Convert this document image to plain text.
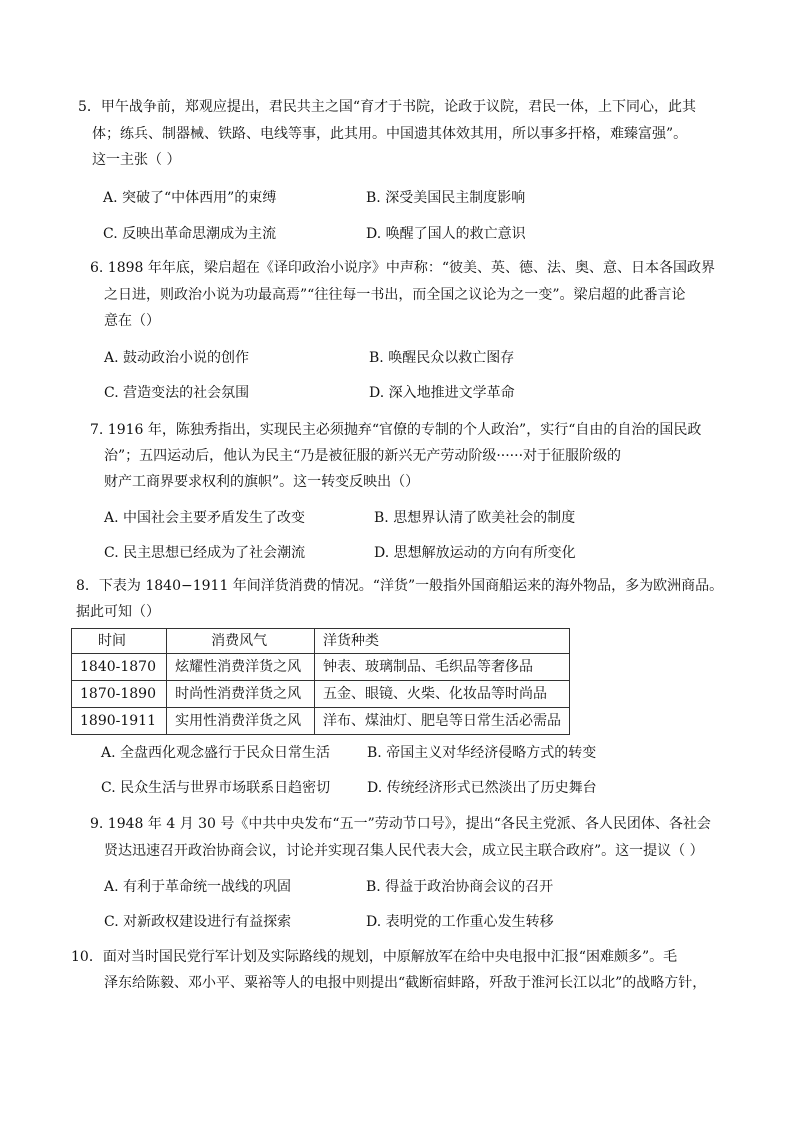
5．甲午战争前，郑观应提出，君民共主之国“育才于书院，论政于议院，君民一体，上下同心，此其
体；练兵、制器械、铁路、电线等事，此其用。中国遗其体效其用，所以事多扞格，难臻富强”。
这一主张（ ）
A. 突破了“中体西用”的束缚	B. 深受美国民主制度影响
C. 反映出革命思潮成为主流	D. 唤醒了国人的救亡意识
6. 1898 年年底，梁启超在《译印政治小说序》中声称：“彼美、英、德、法、奥、意、日本各国政界
之日进，则政治小说为功最高焉”“往往每一书出，而全国之议论为之一变”。梁启超的此番言论
意在（）
A. 鼓动政治小说的创作	B. 唤醒民众以救亡图存
C. 营造变法的社会氛围	D. 深入地推进文学革命
7. 1916 年，陈独秀指出，实现民主必须抛弃“官僚的专制的个人政治”，实行“自由的自治的国民政
治”；五四运动后，他认为民主“乃是被征服的新兴无产劳动阶级······对于征服阶级的
财产工商界要求权利的旗帜”。这一转变反映出（）
A. 中国社会主要矛盾发生了改变	B. 思想界认清了欧美社会的制度
C. 民主思想已经成为了社会潮流	D. 思想解放运动的方向有所变化
8．下表为 1840−1911 年间洋货消费的情况。“洋货”一般指外国商船运来的海外物品，多为欧洲商品。
据此可知（）
时间	消费风气	洋货种类
1840-1870	炫耀性消费洋货之风	钟表、玻璃制品、毛织品等奢侈品
1870-1890	时尚性消费洋货之风	五金、眼镜、火柴、化妆品等时尚品
1890-1911	实用性消费洋货之风	洋布、煤油灯、肥皂等日常生活必需品
A. 全盘西化观念盛行于民众日常生活	B. 帝国主义对华经济侵略方式的转变
C. 民众生活与世界市场联系日趋密切	D. 传统经济形式已然淡出了历史舞台
9. 1948 年 4 月 30 号《中共中央发布“五一”劳动节口号》，提出“各民主党派、各人民团体、各社会
贤达迅速召开政治协商会议，讨论并实现召集人民代表大会，成立民主联合政府”。这一提议（ ）
A. 有利于革命统一战线的巩固	B. 得益于政治协商会议的召开
C. 对新政权建设进行有益探索	D. 表明党的工作重心发生转移
10．面对当时国民党行军计划及实际路线的规划，中原解放军在给中央电报中汇报“困难颇多”。毛
泽东给陈毅、邓小平、粟裕等人的电报中则提出“截断宿蚌路，歼敌于淮河长江以北”的战略方针，
